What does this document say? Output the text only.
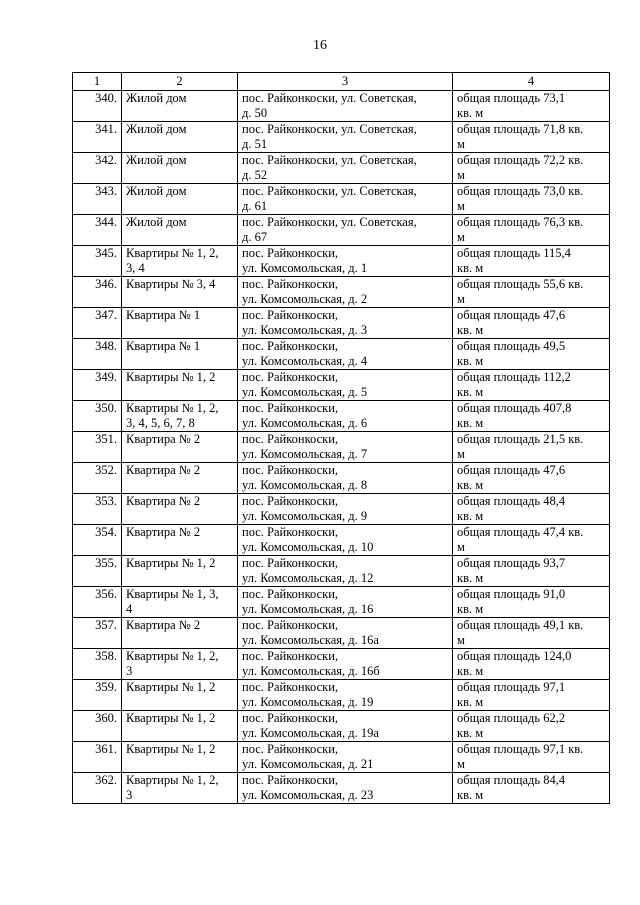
16
1	2	3	4
340.	Жилой дом	пос. Райконкоски, ул. Советская,
д. 50	общая площадь 73,1
кв. м

341.	Жилой дом	пос. Райконкоски, ул. Советская,
д. 51	общая площадь 71,8 кв.
м

342.	Жилой дом	пос. Райконкоски, ул. Советская,
д. 52	общая площадь 72,2 кв.
м

343.	Жилой дом	пос. Райконкоски, ул. Советская,
д. 61	общая площадь 73,0 кв.
м

344.	Жилой дом	пос. Райконкоски, ул. Советская,
д. 67	общая площадь 76,3 кв.
м

345.	Квартиры № 1, 2,
3, 4	пос. Райконкоски,
ул. Комсомольская, д. 1	общая площадь 115,4
кв. м

346.	Квартиры № 3, 4	пос. Райконкоски,
ул. Комсомольская, д. 2	общая площадь 55,6 кв.
м

347.	Квартира № 1	пос. Райконкоски,
ул. Комсомольская, д. 3	общая площадь 47,6
кв. м

348.	Квартира № 1	пос. Райконкоски,
ул. Комсомольская, д. 4	общая площадь 49,5
кв. м

349.	Квартиры № 1, 2	пос. Райконкоски,
ул. Комсомольская, д. 5	общая площадь 112,2
кв. м

350.	Квартиры № 1, 2,
3, 4, 5, 6, 7, 8	пос. Райконкоски,
ул. Комсомольская, д. 6	общая площадь 407,8
кв. м

351.	Квартира № 2	пос. Райконкоски,
ул. Комсомольская, д. 7	общая площадь 21,5 кв.
м

352.	Квартира № 2	пос. Райконкоски,
ул. Комсомольская, д. 8	общая площадь 47,6
кв. м

353.	Квартира № 2	пос. Райконкоски,
ул. Комсомольская, д. 9	общая площадь 48,4
кв. м

354.	Квартира № 2	пос. Райконкоски,
ул. Комсомольская, д. 10	общая площадь 47,4 кв.
м

355.	Квартиры № 1, 2	пос. Райконкоски,
ул. Комсомольская, д. 12	общая площадь 93,7
кв. м

356.	Квартиры № 1, 3,
4	пос. Райконкоски,
ул. Комсомольская, д. 16	общая площадь 91,0
кв. м

357.	Квартира № 2	пос. Райконкоски,
ул. Комсомольская, д. 16а	общая площадь 49,1 кв.
м

358.	Квартиры № 1, 2,
3	пос. Райконкоски,
ул. Комсомольская, д. 16б	общая площадь 124,0
кв. м

359.	Квартиры № 1, 2	пос. Райконкоски,
ул. Комсомольская, д. 19	общая площадь 97,1
кв. м

360.	Квартиры № 1, 2	пос. Райконкоски,
ул. Комсомольская, д. 19а	общая площадь 62,2
кв. м

361.	Квартиры № 1, 2	пос. Райконкоски,
ул. Комсомольская, д. 21	общая площадь 97,1 кв.
м

362.	Квартиры № 1, 2,
3	пос. Райконкоски,
ул. Комсомольская, д. 23	общая площадь 84,4
кв. м
